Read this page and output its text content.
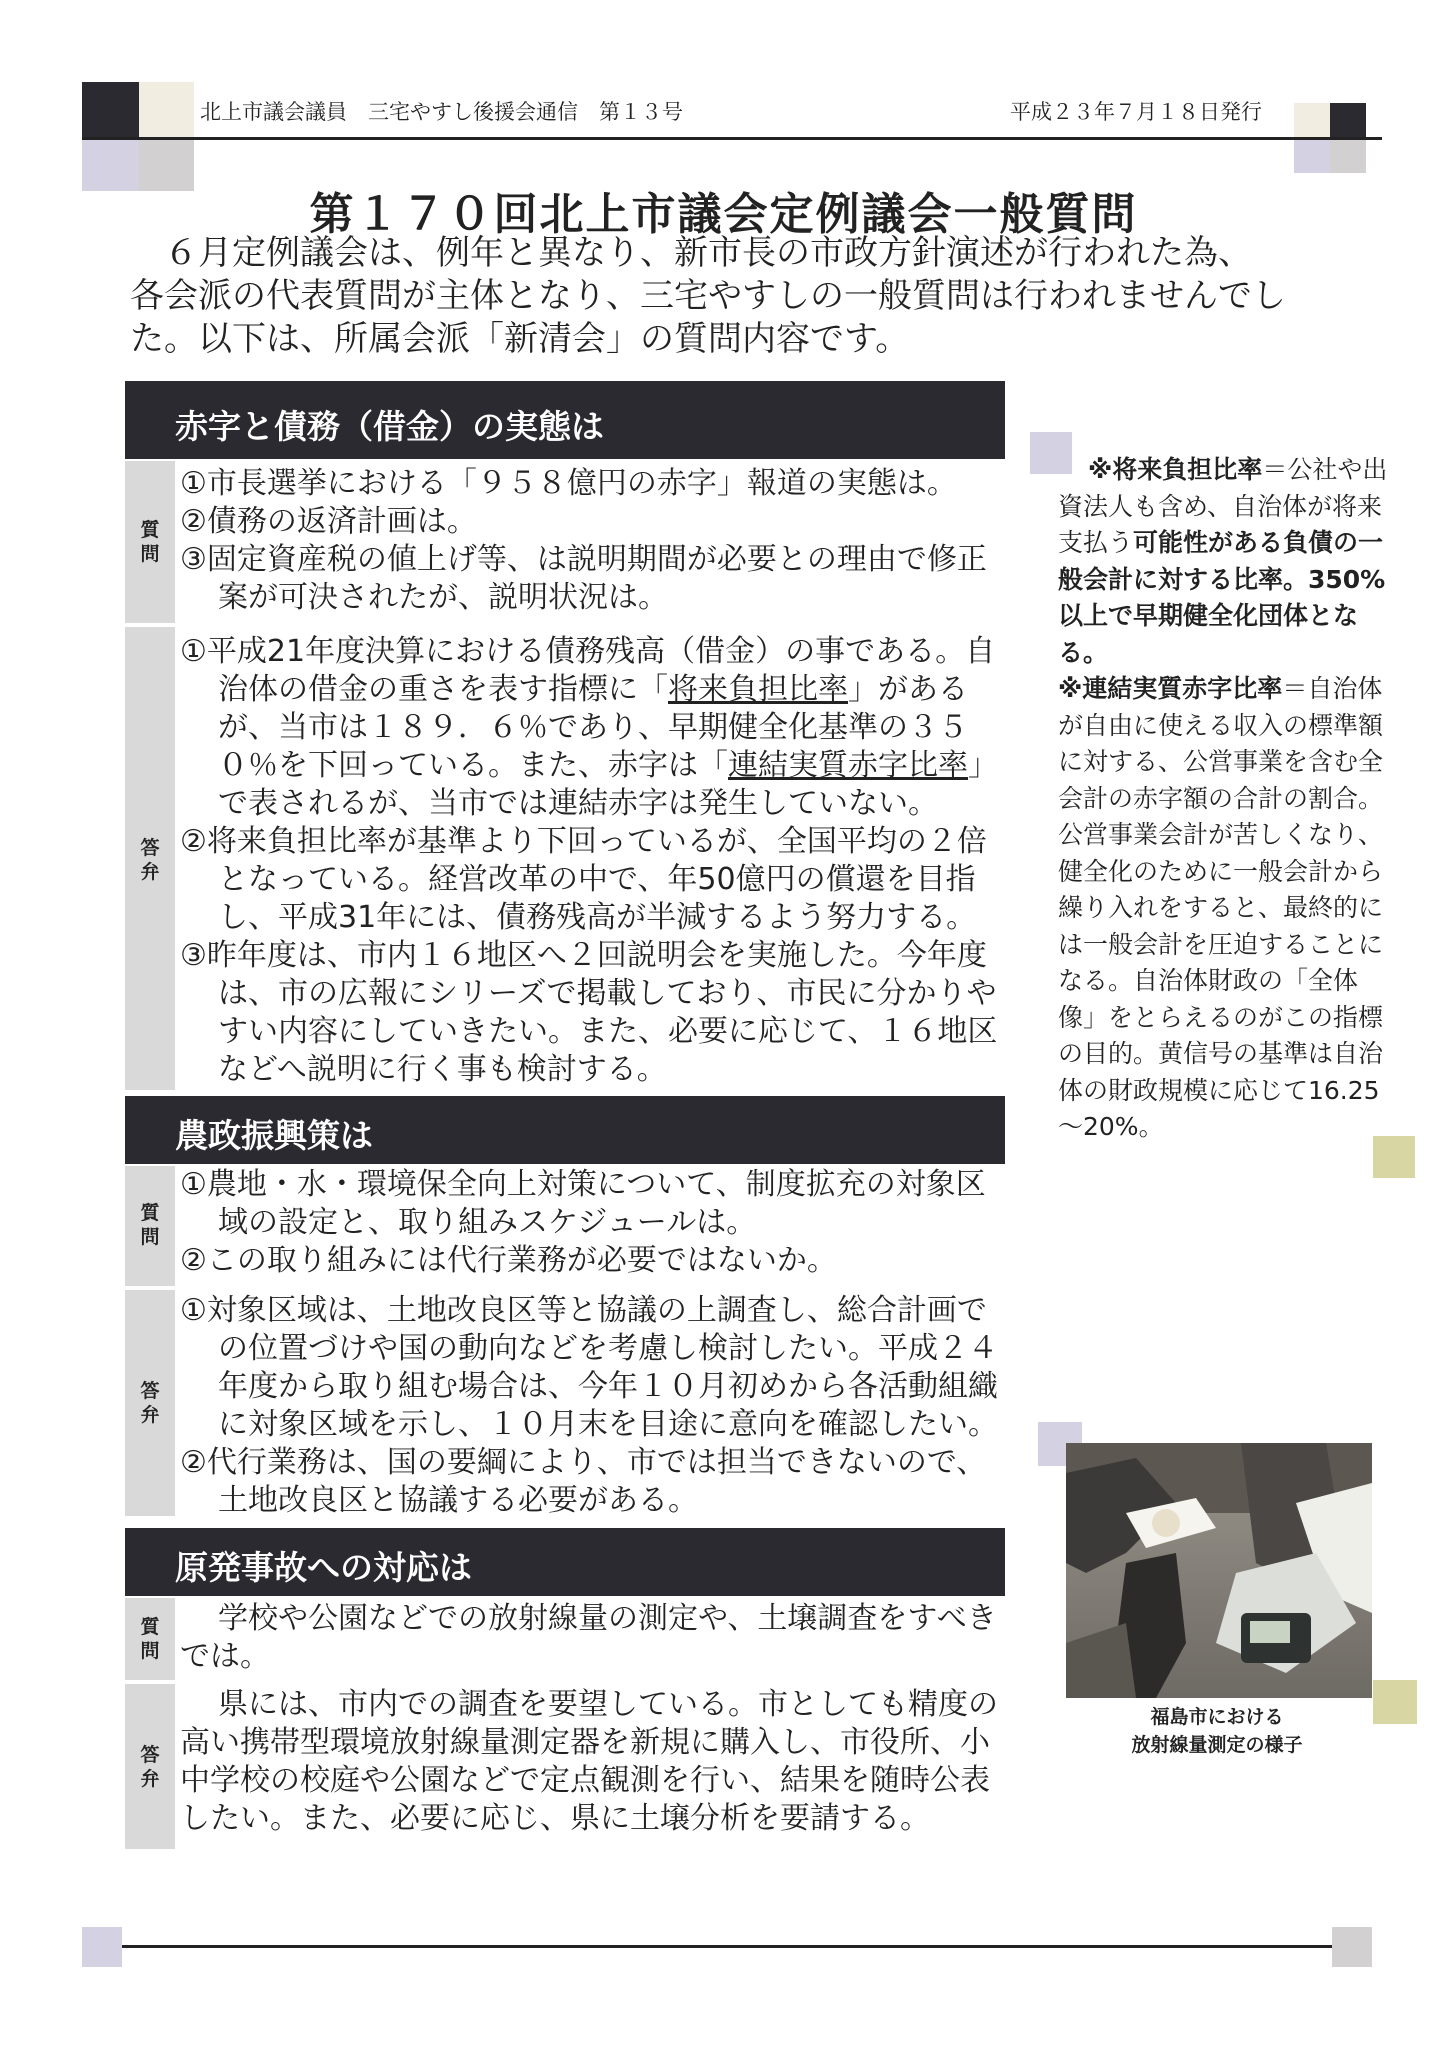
北上市議会議員　三宅やすし後援会通信　第１３号	平成２３年７月１８日発行
第１７０回北上市議会定例議会一般質問

　６月定例議会は、例年と異なり、新市長の市政方針演述が行われた為、

各会派の代表質問が主体となり、三宅やすしの一般質問は行われませんでし

た。以下は、所属会派「新清会」の質問内容です。

赤字と債務（借金）の実態は
質
問

①市長選挙における「９５８億円の赤字」報道の実態は。

②債務の返済計画は。

③固定資産税の値上げ等、は説明期間が必要との理由で修正案が可決されたが、説明状況は。

答
弁

①平成21年度決算における債務残高（借金）の事である。自治体の借金の重さを表す指標に「将来負担比率」があるが、当市は１８９．６％であり、早期健全化基準の３５０％を下回っている。また、赤字は「連結実質赤字比率」で表されるが、当市では連結赤字は発生していない。

②将来負担比率が基準より下回っているが、全国平均の２倍となっている。経営改革の中で、年50億円の償還を目指し、平成31年には、債務残高が半減するよう努力する。

③昨年度は、市内１６地区へ２回説明会を実施した。今年度は、市の広報にシリーズで掲載しており、市民に分かりやすい内容にしていきたい。また、必要に応じて、１６地区などへ説明に行く事も検討する。

農政振興策は
質
問

①農地・水・環境保全向上対策について、制度拡充の対象区域の設定と、取り組みスケジュールは。

②この取り組みには代行業務が必要ではないか。

答
弁

①対象区域は、土地改良区等と協議の上調査し、総合計画での位置づけや国の動向などを考慮し検討したい。平成２４年度から取り組む場合は、今年１０月初めから各活動組織に対象区域を示し、１０月末を目途に意向を確認したい。

②代行業務は、国の要綱により、市では担当できないので、土地改良区と協議する必要がある。

原発事故への対応は
質
問

学校や公園などでの放射線量の測定や、土壌調査をすべきでは。

答
弁

県には、市内での調査を要望している。市としても精度の高い携帯型環境放射線量測定器を新規に購入し、市役所、小中学校の校庭や公園などで定点観測を行い、結果を随時公表したい。また、必要に応じ、県に土壌分析を要請する。

※将来負担比率＝公社や出資法人も含め、自治体が将来支払う可能性がある負債の一般会計に対する比率。350%以上で早期健全化団体となる。
※連結実質赤字比率＝自治体が自由に使える収入の標準額に対する、公営事業を含む全会計の赤字額の合計の割合。公営事業会計が苦しくなり、健全化のために一般会計から繰り入れをすると、最終的には一般会計を圧迫することになる。自治体財政の「全体像」をとらえるのがこの指標の目的。黄信号の基準は自治体の財政規模に応じて16.25～20%。
福島市における
放射線量測定の様子
